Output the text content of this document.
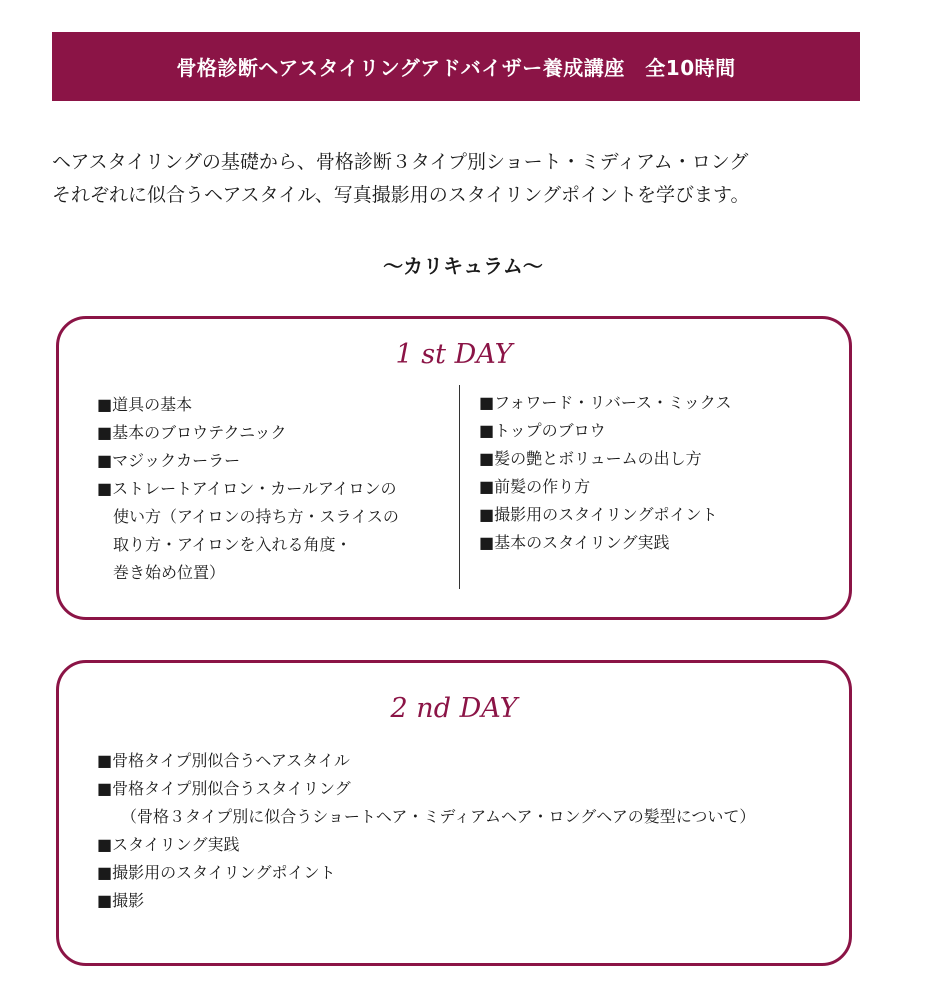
骨格診断ヘアスタイリングアドバイザー養成講座　全10時間
ヘアスタイリングの基礎から、骨格診断３タイプ別ショート・ミディアム・ロング
それぞれに似合うヘアスタイル、写真撮影用のスタイリングポイントを学びます。
〜カリキュラム〜
1 st DAY
■道具の基本
■基本のブロウテクニック
■マジックカーラー
■ストレートアイロン・カールアイロンの
使い方（アイロンの持ち方・スライスの
取り方・アイロンを入れる角度・
巻き始め位置）
■フォワード・リバース・ミックス
■トップのブロウ
■髪の艶とボリュームの出し方
■前髪の作り方
■撮影用のスタイリングポイント
■基本のスタイリング実践
2 nd DAY
■骨格タイプ別似合うヘアスタイル
■骨格タイプ別似合うスタイリング
（骨格３タイプ別に似合うショートヘア・ミディアムヘア・ロングヘアの髪型について）
■スタイリング実践
■撮影用のスタイリングポイント
■撮影
